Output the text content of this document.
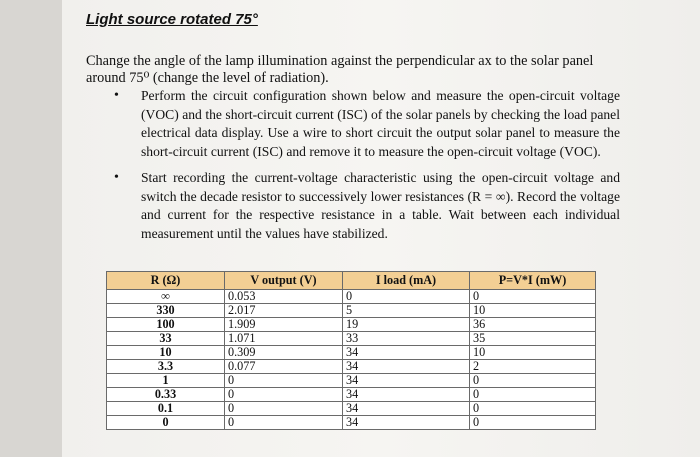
Light source rotated 75°
Change the angle of the lamp illumination against the perpendicular ax to the solar panel around 75⁰ (change the level of radiation).
• Perform the circuit configuration shown below and measure the open-circuit voltage (VOC) and the short-circuit current (ISC) of the solar panels by checking the load panel electrical data display. Use a wire to short circuit the output solar panel to measure the short-circuit current (ISC) and remove it to measure the open-circuit voltage (VOC).
• Start recording the current-voltage characteristic using the open-circuit voltage and switch the decade resistor to successively lower resistances (R = ∞). Record the voltage and current for the respective resistance in a table. Wait between each individual measurement until the values have stabilized.
R (Ω)	V output (V)	I load (mA)	P=V*I (mW)
∞	0.053	0	0
330	2.017	5	10
100	1.909	19	36
33	1.071	33	35
10	0.309	34	10
3.3	0.077	34	2
1	0	34	0
0.33	0	34	0
0.1	0	34	0
0	0	34	0
